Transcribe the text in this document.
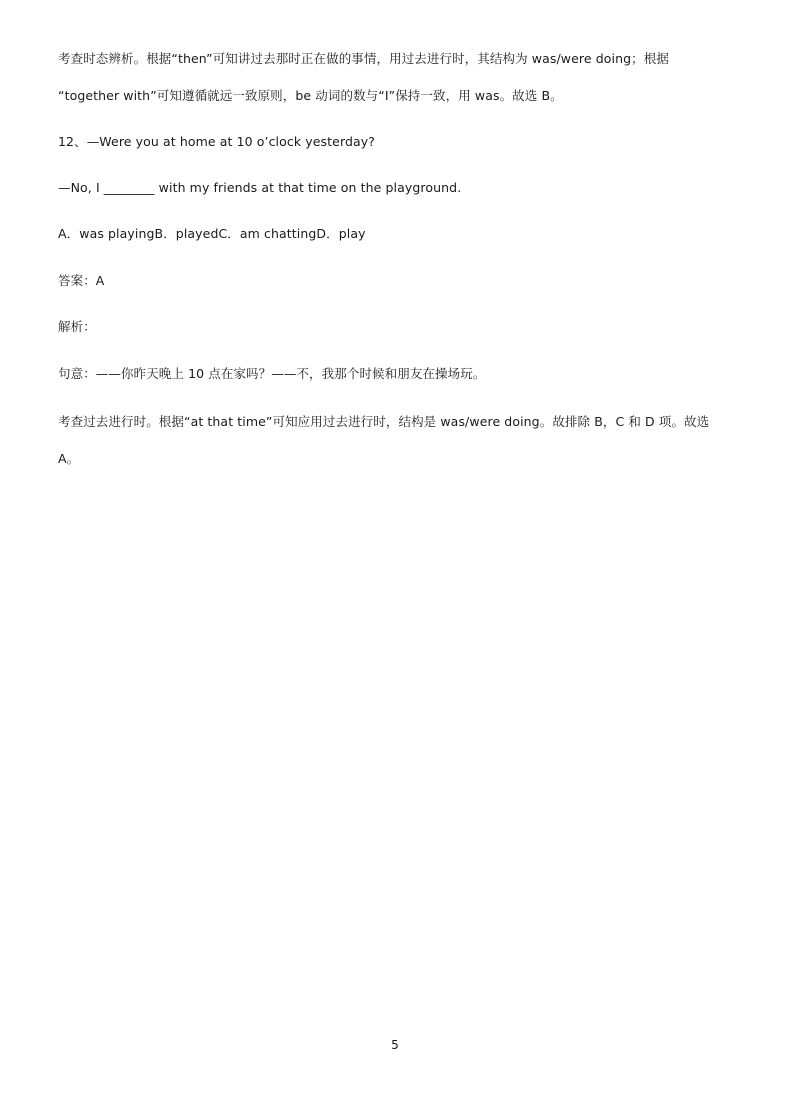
考查时态辨析。根据“then”可知讲过去那时正在做的事情，用过去进行时，其结构为 was/were doing；根据
“together with”可知遵循就远一致原则，be 动词的数与“I”保持一致，用 was。故选 B。
12、—Were you at home at 10 o’clock yesterday?
—No, I ________ with my friends at that time on the playground.
A．was playingB．playedC．am chattingD．play
答案：A
解析：
句意：——你昨天晚上 10 点在家吗？——不，我那个时候和朋友在操场玩。
考查过去进行时。根据“at that time”可知应用过去进行时，结构是 was/were doing。故排除 B，C 和 D 项。故选
A。
5
